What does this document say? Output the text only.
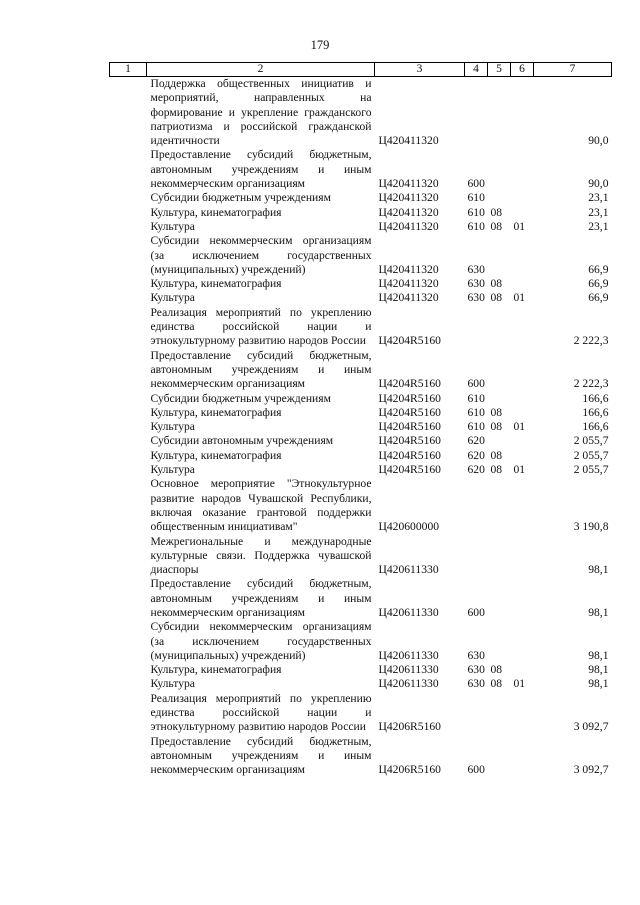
179
1	2	3	4	5	6	7
	Поддержка общественных инициатив и мероприятий, направленных на формирование и укрепление гражданского патриотизма и российской гражданской идентичности	Ц420411320				90,0
	Предоставление субсидий бюджетным, автономным учреждениям и иным некоммерческим организациям	Ц420411320	600			90,0
	Субсидии бюджетным учреждениям	Ц420411320	610			23,1
	Культура, кинематография	Ц420411320	610	08		23,1
	Культура	Ц420411320	610	08	01	23,1
	Субсидии некоммерческим организациям (за исключением государственных (муниципальных) учреждений)	Ц420411320	630			66,9
	Культура, кинематография	Ц420411320	630	08		66,9
	Культура	Ц420411320	630	08	01	66,9
	Реализация мероприятий по укреплению единства российской нации и этнокультурному развитию народов России	Ц4204R5160				2 222,3
	Предоставление субсидий бюджетным, автономным учреждениям и иным некоммерческим организациям	Ц4204R5160	600			2 222,3
	Субсидии бюджетным учреждениям	Ц4204R5160	610			166,6
	Культура, кинематография	Ц4204R5160	610	08		166,6
	Культура	Ц4204R5160	610	08	01	166,6
	Субсидии автономным учреждениям	Ц4204R5160	620			2 055,7
	Культура, кинематография	Ц4204R5160	620	08		2 055,7
	Культура	Ц4204R5160	620	08	01	2 055,7
	Основное мероприятие "Этнокультурное развитие народов Чувашской Республики, включая оказание грантовой поддержки общественным инициативам"	Ц420600000				3 190,8
	Межрегиональные и международные культурные связи. Поддержка чувашской диаспоры	Ц420611330				98,1
	Предоставление субсидий бюджетным, автономным учреждениям и иным некоммерческим организациям	Ц420611330	600			98,1
	Субсидии некоммерческим организациям (за исключением государственных (муниципальных) учреждений)	Ц420611330	630			98,1
	Культура, кинематография	Ц420611330	630	08		98,1
	Культура	Ц420611330	630	08	01	98,1
	Реализация мероприятий по укреплению единства российской нации и этнокультурному развитию народов России	Ц4206R5160				3 092,7
	Предоставление субсидий бюджетным, автономным учреждениям и иным некоммерческим организациям	Ц4206R5160	600			3 092,7
